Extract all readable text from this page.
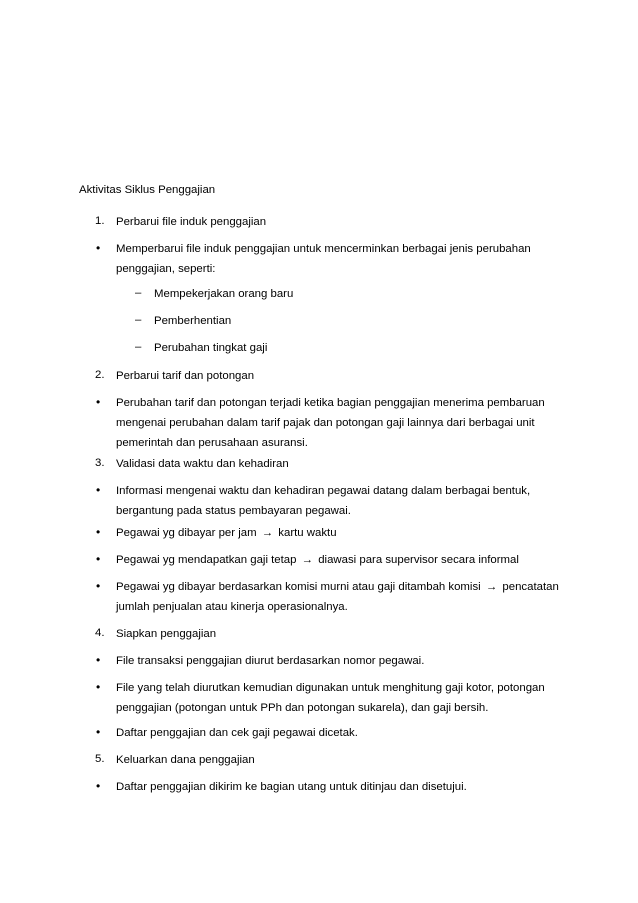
Aktivitas Siklus Penggajian
1. Perbarui file induk penggajian
• Memperbarui file induk penggajian untuk mencerminkan berbagai jenis perubahan penggajian, seperti:
– Mempekerjakan orang baru
– Pemberhentian
– Perubahan tingkat gaji
2. Perbarui tarif dan potongan
• Perubahan tarif dan potongan terjadi ketika bagian penggajian menerima pembaruan mengenai perubahan dalam tarif pajak dan potongan gaji lainnya dari berbagai unit pemerintah dan perusahaan asuransi.
3. Validasi data waktu dan kehadiran
• Informasi mengenai waktu dan kehadiran pegawai datang dalam berbagai bentuk, bergantung pada status pembayaran pegawai.
• Pegawai yg dibayar per jam → kartu waktu
• Pegawai yg mendapatkan gaji tetap → diawasi para supervisor secara informal
• Pegawai yg dibayar berdasarkan komisi murni atau gaji ditambah komisi → pencatatan jumlah penjualan atau kinerja operasionalnya.
4. Siapkan penggajian
• File transaksi penggajian diurut berdasarkan nomor pegawai.
• File yang telah diurutkan kemudian digunakan untuk menghitung gaji kotor, potongan penggajian (potongan untuk PPh dan potongan sukarela), dan gaji bersih.
• Daftar penggajian dan cek gaji pegawai dicetak.
5. Keluarkan dana penggajian
• Daftar penggajian dikirim ke bagian utang untuk ditinjau dan disetujui.
